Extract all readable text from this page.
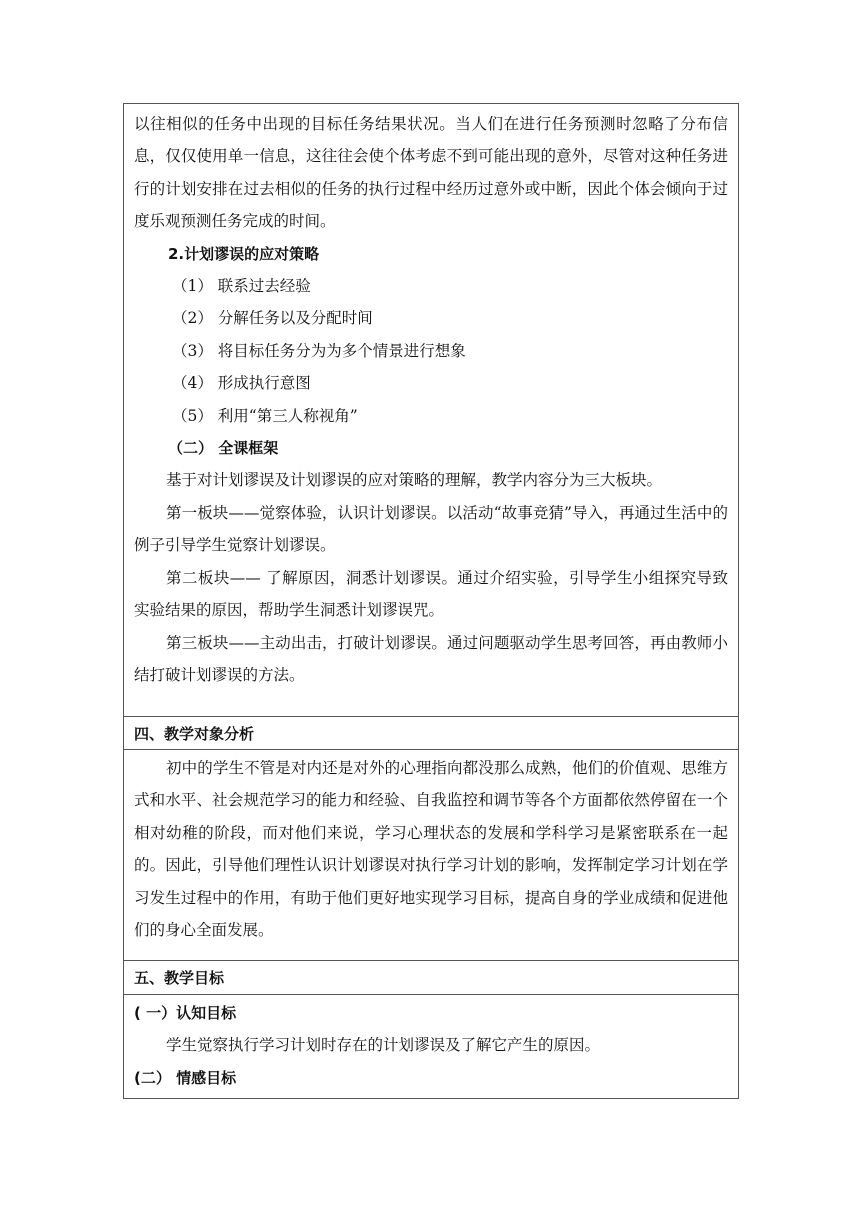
以往相似的任务中出现的目标任务结果状况。当人们在进行任务预测时忽略了分布信息，仅仅使用单一信息，这往往会使个体考虑不到可能出现的意外，尽管对这种任务进行的计划安排在过去相似的任务的执行过程中经历过意外或中断，因此个体会倾向于过度乐观预测任务完成的时间。

2.计划谬误的应对策略

（1） 联系过去经验

（2） 分解任务以及分配时间

（3） 将目标任务分为为多个情景进行想象

（4） 形成执行意图

（5） 利用“第三人称视角”

（二） 全课框架

基于对计划谬误及计划谬误的应对策略的理解，教学内容分为三大板块。

第一板块——觉察体验，认识计划谬误。以活动“故事竞猜”导入，再通过生活中的例子引导学生觉察计划谬误。

第二板块—— 了解原因，洞悉计划谬误。通过介绍实验，引导学生小组探究导致实验结果的原因，帮助学生洞悉计划谬误咒。

第三板块——主动出击，打破计划谬误。通过问题驱动学生思考回答，再由教师小结打破计划谬误的方法。

四、教学对象分析

初中的学生不管是对内还是对外的心理指向都没那么成熟，他们的价值观、思维方式和水平、社会规范学习的能力和经验、自我监控和调节等各个方面都依然停留在一个相对幼稚的阶段，而对他们来说，学习心理状态的发展和学科学习是紧密联系在一起的。因此，引导他们理性认识计划谬误对执行学习计划的影响，发挥制定学习计划在学习发生过程中的作用，有助于他们更好地实现学习目标，提高自身的学业成绩和促进他们的身心全面发展。

五、教学目标

( 一）认知目标

学生觉察执行学习计划时存在的计划谬误及了解它产生的原因。

(二） 情感目标
